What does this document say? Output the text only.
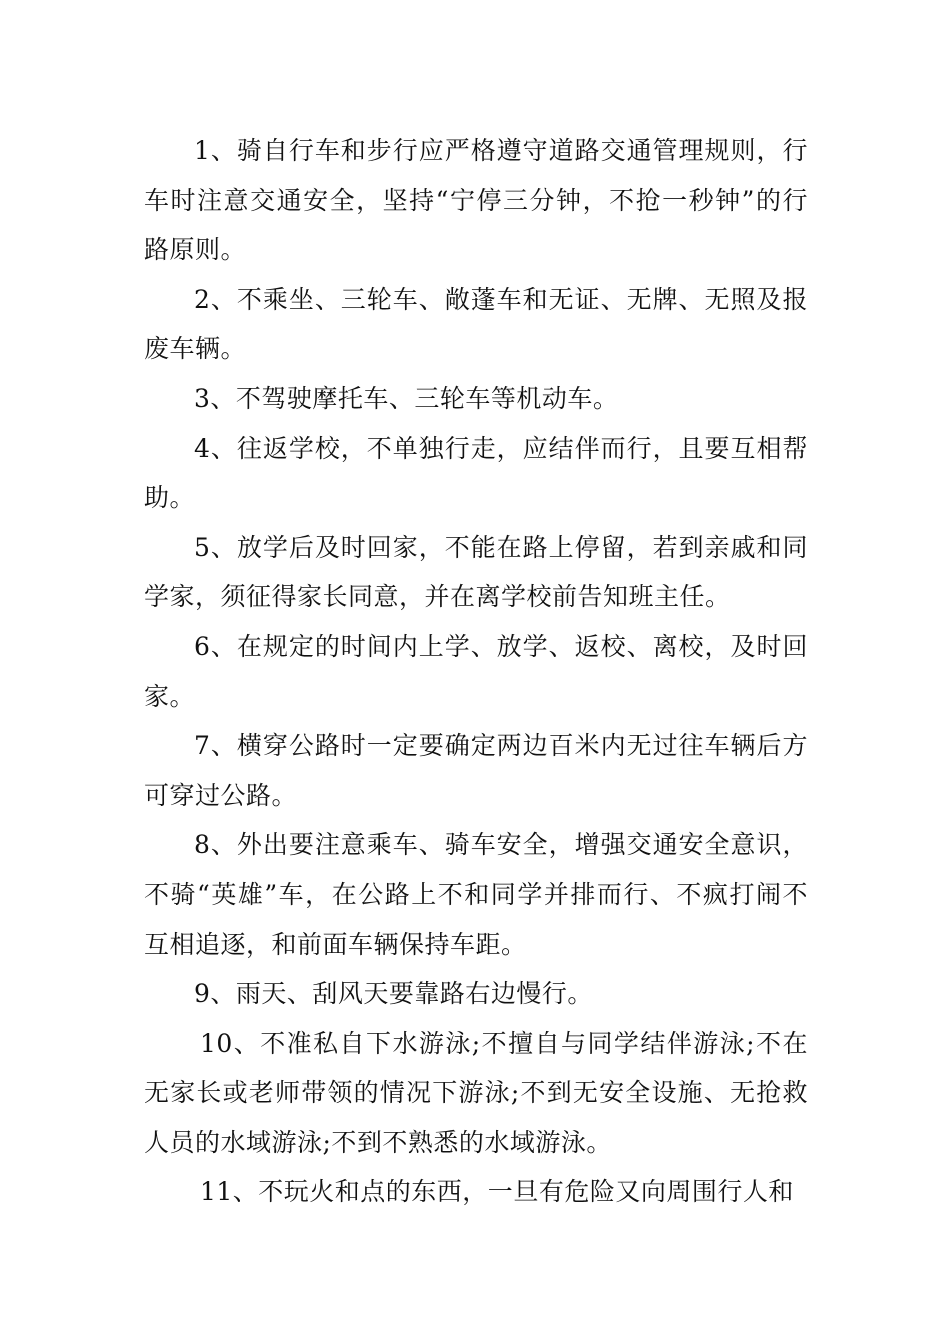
1、骑自行车和步行应严格遵守道路交通管理规则，行车时注意交通安全，坚持“宁停三分钟，不抢一秒钟”的行路原则。

2、不乘坐、三轮车、敞蓬车和无证、无牌、无照及报废车辆。

3、不驾驶摩托车、三轮车等机动车。

4、往返学校，不单独行走，应结伴而行，且要互相帮助。

5、放学后及时回家，不能在路上停留，若到亲戚和同学家，须征得家长同意，并在离学校前告知班主任。

6、在规定的时间内上学、放学、返校、离校，及时回家。

7、横穿公路时一定要确定两边百米内无过往车辆后方可穿过公路。

8、外出要注意乘车、骑车安全，增强交通安全意识，不骑“英雄”车，在公路上不和同学并排而行、不疯打闹不互相追逐，和前面车辆保持车距。

9、雨天、刮风天要靠路右边慢行。

10、不准私自下水游泳;不擅自与同学结伴游泳;不在无家长或老师带领的情况下游泳;不到无安全设施、无抢救人员的水域游泳;不到不熟悉的水域游泳。

11、不玩火和点的东西，一旦有危险又向周围行人和
